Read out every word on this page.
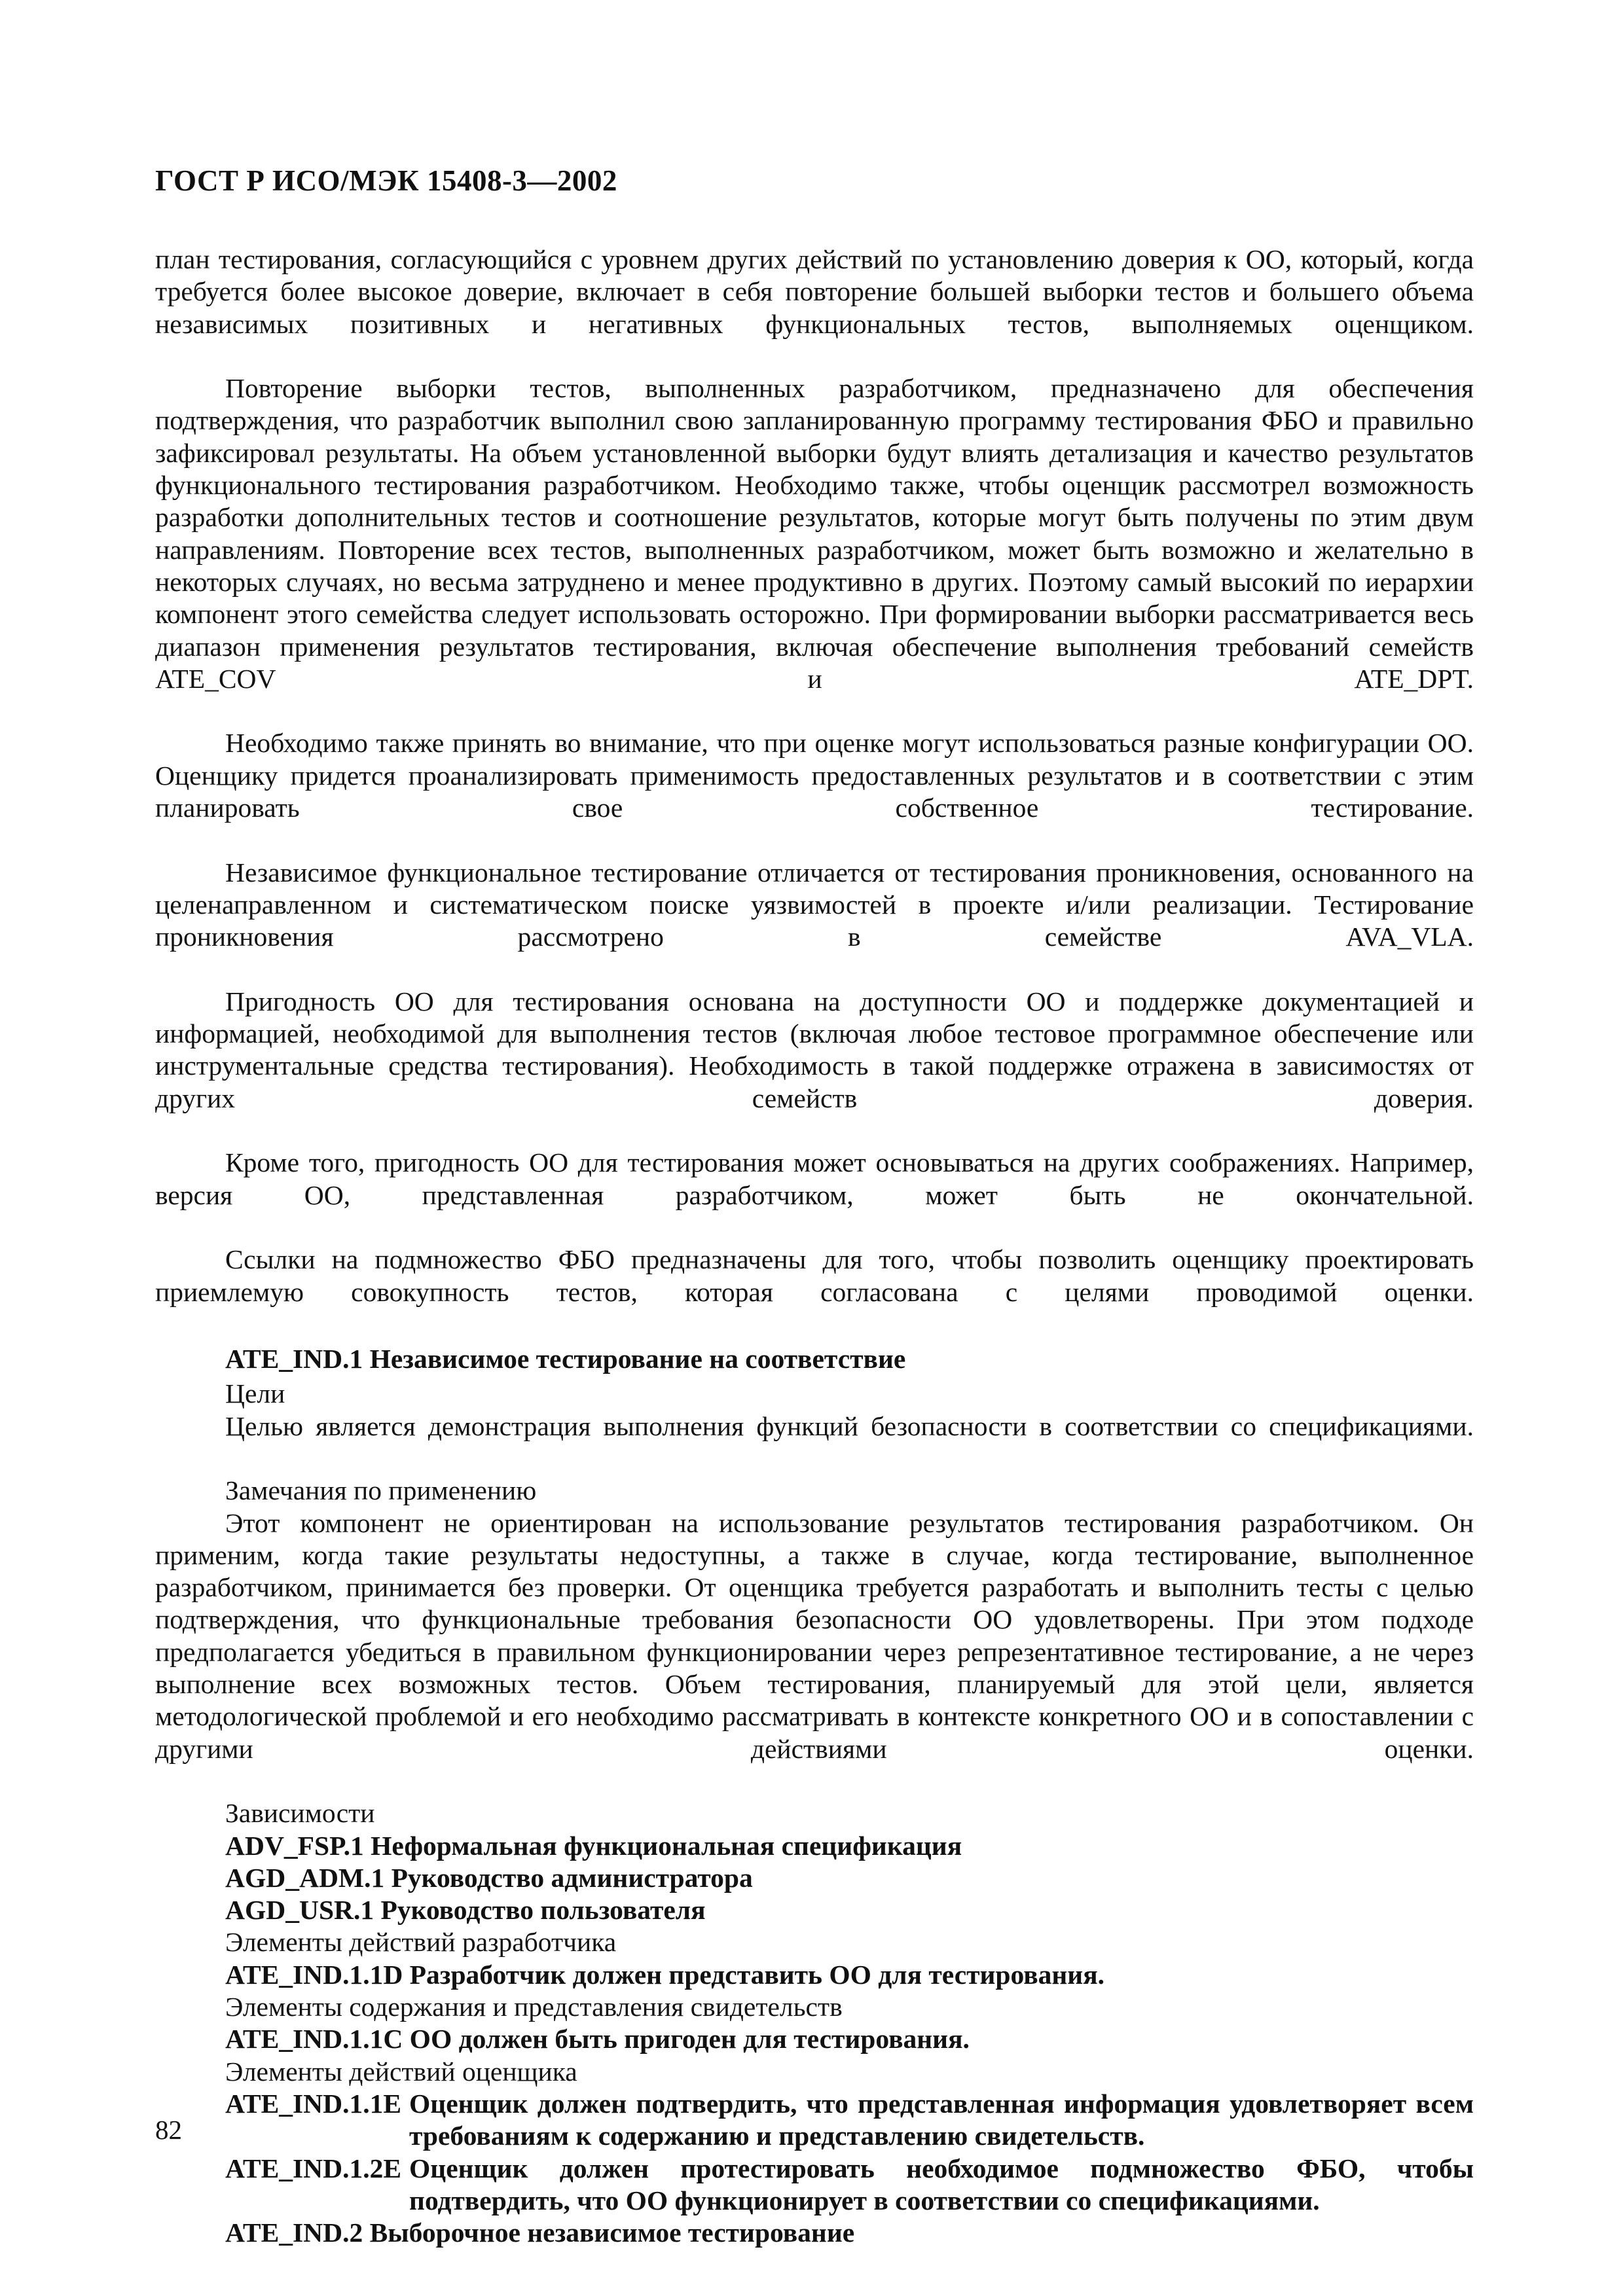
ГОСТ Р ИСО/МЭК 15408-3—2002

план тестирования, согласующийся с уровнем других действий по установлению доверия к ОО, который, когда требуется более высокое доверие, включает в себя повторение большей выборки тестов и большего объема независимых позитивных и негативных функциональных тестов, выполняемых оценщиком.

Повторение выборки тестов, выполненных разработчиком, предназначено для обеспечения подтверждения, что разработчик выполнил свою запланированную программу тестирования ФБО и правильно зафиксировал результаты. На объем установленной выборки будут влиять детализация и качество результатов функционального тестирования разработчиком. Необходимо также, чтобы оценщик рассмотрел возможность разработки дополнительных тестов и соотношение результатов, которые могут быть получены по этим двум направлениям. Повторение всех тестов, выполненных разработчиком, может быть возможно и желательно в некоторых случаях, но весьма затруднено и менее продуктивно в других. Поэтому самый высокий по иерархии компонент этого семейства следует использовать осторожно. При формировании выборки рассматривается весь диапазон применения результатов тестирования, включая обеспечение выполнения требований семейств ATE_COV и ATE_DPT.

Необходимо также принять во внимание, что при оценке могут использоваться разные конфигурации ОО. Оценщику придется проанализировать применимость предоставленных результатов и в соответствии с этим планировать свое собственное тестирование.

Независимое функциональное тестирование отличается от тестирования проникновения, основанного на целенаправленном и систематическом поиске уязвимостей в проекте и/или реализации. Тестирование проникновения рассмотрено в семействе AVA_VLA.

Пригодность ОО для тестирования основана на доступности ОО и поддержке документацией и информацией, необходимой для выполнения тестов (включая любое тестовое программное обеспечение или инструментальные средства тестирования). Необходимость в такой поддержке отражена в зависимостях от других семейств доверия.

Кроме того, пригодность ОО для тестирования может основываться на других соображениях. Например, версия ОО, представленная разработчиком, может быть не окончательной.

Ссылки на подмножество ФБО предназначены для того, чтобы позволить оценщику проектировать приемлемую совокупность тестов, которая согласована с целями проводимой оценки.

ATE_IND.1 Независимое тестирование на соответствие

Цели

Целью является демонстрация выполнения функций безопасности в соответствии со спецификациями.

Замечания по применению

Этот компонент не ориентирован на использование результатов тестирования разработчиком. Он применим, когда такие результаты недоступны, а также в случае, когда тестирование, выполненное разработчиком, принимается без проверки. От оценщика требуется разработать и выполнить тесты с целью подтверждения, что функциональные требования безопасности ОО удовлетворены. При этом подходе предполагается убедиться в правильном функционировании через репрезентативное тестирование, а не через выполнение всех возможных тестов. Объем тестирования, планируемый для этой цели, является методологической проблемой и его необходимо рассматривать в контексте конкретного ОО и в сопоставлении с другими действиями оценки.

Зависимости

ADV_FSP.1 Неформальная функциональная спецификация

AGD_ADM.1 Руководство администратора

AGD_USR.1 Руководство пользователя

Элементы действий разработчика

ATE_IND.1.1D Разработчик должен представить ОО для тестирования.

Элементы содержания и представления свидетельств

ATE_IND.1.1C ОО должен быть пригоден для тестирования.

Элементы действий оценщика

ATE_IND.1.1E Оценщик должен подтвердить, что представленная информация удовлетворяет всем требованиям к содержанию и представлению свидетельств.
ATE_IND.1.2E Оценщик должен протестировать необходимое подмножество ФБО, чтобы подтвердить, что ОО функционирует в соответствии со спецификациями.

ATE_IND.2 Выборочное независимое тестирование

82
